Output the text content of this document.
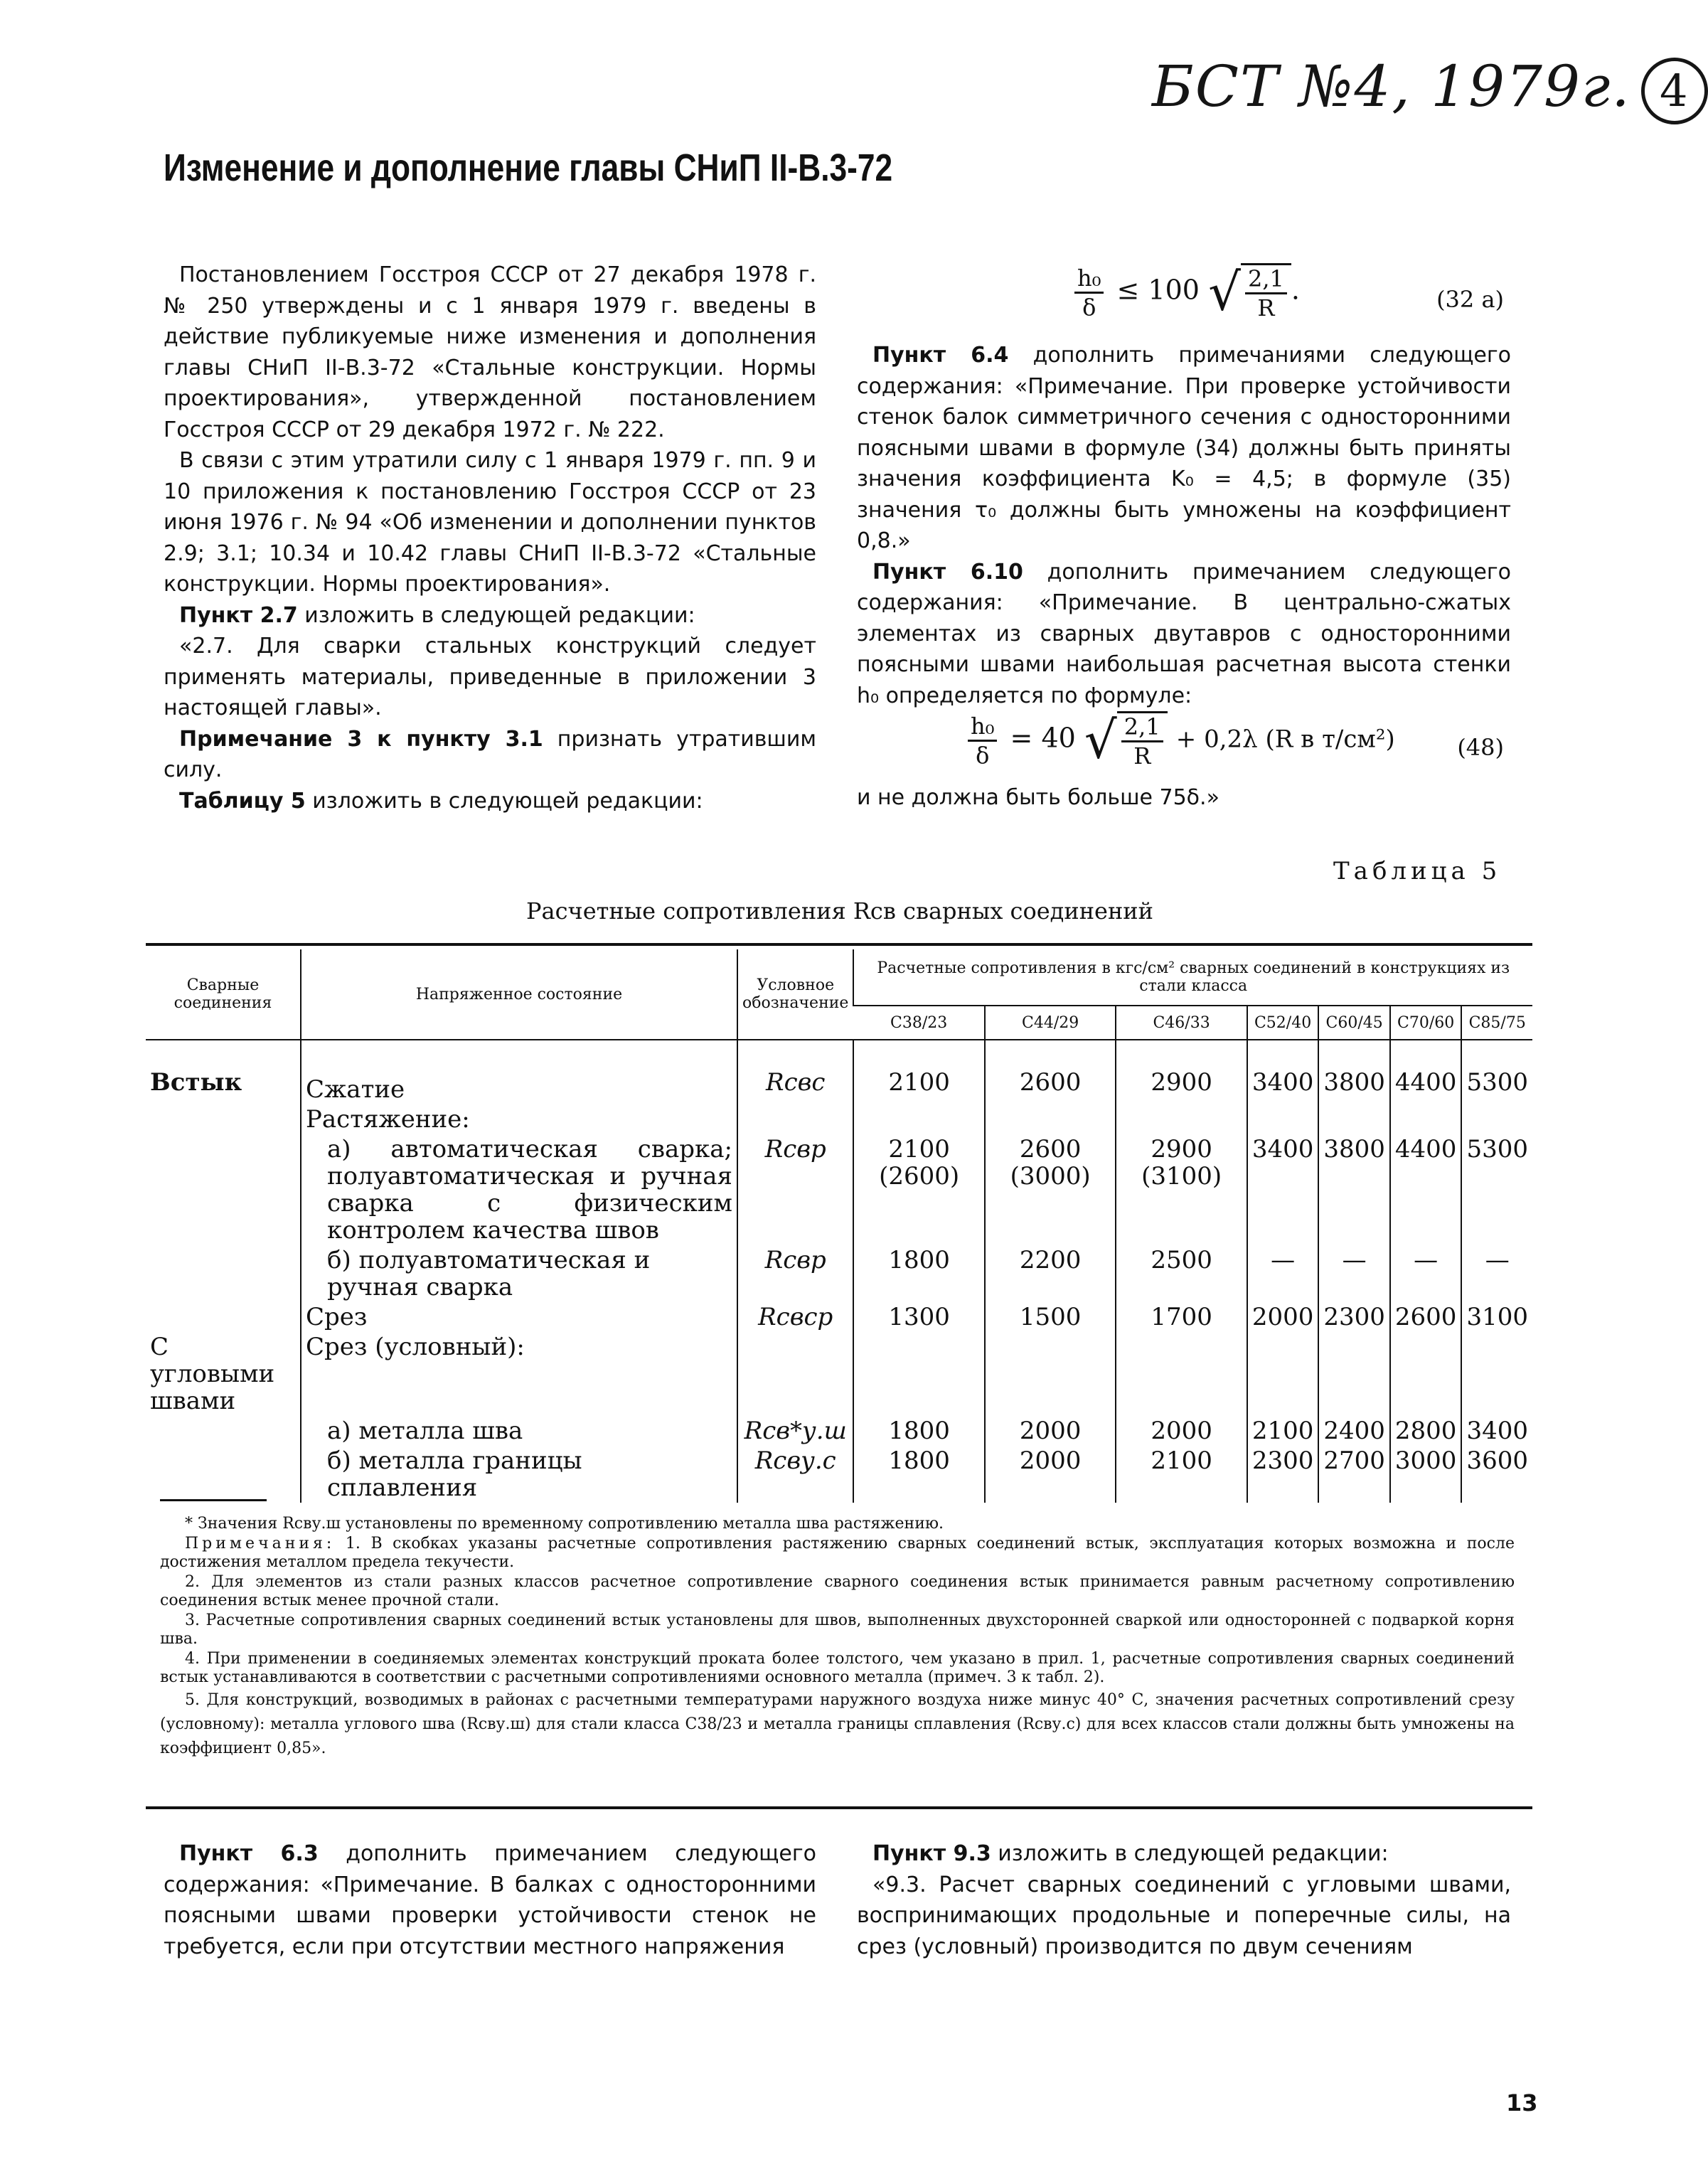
БСТ №4, 1979г. 4
Изменение и дополнение главы СНиП II-В.3-72

Постановлением Госстроя СССР от 27 декабря 1978 г. № 250 утверждены и с 1 января 1979 г. введены в действие публикуемые ниже изменения и дополнения главы СНиП II-В.3-72 «Стальные конструкции. Нормы проектирования», утвержденной постановлением Госстроя СССР от 29 декабря 1972 г. № 222.

В связи с этим утратили силу с 1 января 1979 г. пп. 9 и 10 приложения к постановлению Госстроя СССР от 23 июня 1976 г. № 94 «Об изменении и дополнении пунктов 2.9; 3.1; 10.34 и 10.42 главы СНиП II-В.3-72 «Стальные конструкции. Нормы проектирования».

Пункт 2.7 изложить в следующей редакции:

«2.7. Для сварки стальных конструкций следует применять материалы, приведенные в приложении 3 настоящей главы».

Примечание 3 к пункту 3.1 признать утратившим силу.

Таблицу 5 изложить в следующей редакции:

$\frac{\text{h₀}}{\delta} \le 100$ √ $\frac{2,1}{R}$ .	(32 а)

Пункт 6.4 дополнить примечаниями следующего содержания: «Примечание. При проверке устойчивости стенок балок симметричного сечения с односторонними поясными швами в формуле (34) должны быть приняты значения коэффициента K₀ = 4,5; в формуле (35) значения τ₀ должны быть умножены на коэффициент 0,8.»

Пункт 6.10 дополнить примечанием следующего содержания: «Примечание. В центрально-сжатых элементах из сварных двутавров с односторонними поясными швами наибольшая расчетная высота стенки h₀ определяется по формуле:

$\frac{\text{h₀}}{\delta} = 40$ √ $\frac{2,1}{R} + 0,2\lambda$ (R в т/см²)	(48)

и не должна быть больше 75δ.»

Таблица 5
Расчетные сопротивления Rсв сварных соединений
Сварные соединения	Напряженное состояние	Условное обозначение	Расчетные сопротивления в кгс/см² сварных соединений в конструкциях из стали класса						
			С38/23	С44/29	С46/33	С52/40	С60/45	С70/60	С85/75
Встык	Сжатие	Rсвс	2100	2600	2900	3400	3800	4400	5300
	Растяжение:								
	а) автоматическая сварка; полуавтоматическая и ручная сварка с физическим контролем качества швов	Rсвр	2100 (2600)	2600 (3000)	2900 (3100)	3400	3800	4400	5300
	б) полуавтоматическая и ручная сварка	Rсвр	1800	2200	2500	—	—	—	—
	Срез	Rсвср	1300	1500	1700	2000	2300	2600	3100
С угловыми швами	Срез (условный):								
	а) металла шва	Rсв*у.ш	1800	2000	2000	2100	2400	2800	3400
	б) металла границы сплавления	Rсву.с	1800	2000	2100	2300	2700	3000	3600

* Значения Rсву.ш установлены по временному сопротивлению металла шва растяжению.

Примечания: 1. В скобках указаны расчетные сопротивления растяжению сварных соединений встык, эксплуатация которых возможна и после достижения металлом предела текучести.

2. Для элементов из стали разных классов расчетное сопротивление сварного соединения встык принимается равным расчетному сопротивлению соединения встык менее прочной стали.

3. Расчетные сопротивления сварных соединений встык установлены для швов, выполненных двухсторонней сваркой или односторонней с подваркой корня шва.

4. При применении в соединяемых элементах конструкций проката более толстого, чем указано в прил. 1, расчетные сопротивления сварных соединений встык устанавливаются в соответствии с расчетными сопротивлениями основного металла (примеч. 3 к табл. 2).

5. Для конструкций, возводимых в районах с расчетными температурами наружного воздуха ниже минус 40° С, значения расчетных сопротивлений срезу (условному): металла углового шва (Rсву.ш) для стали класса С38/23 и металла границы сплавления (Rсву.с) для всех классов стали должны быть умножены на коэффициент 0,85».

Пункт 6.3 дополнить примечанием следующего содержания: «Примечание. В балках с односторонними поясными швами проверки устойчивости стенок не требуется, если при отсутствии местного напряжения

Пункт 9.3 изложить в следующей редакции:

«9.3. Расчет сварных соединений с угловыми швами, воспринимающих продольные и поперечные силы, на срез (условный) производится по двум сечениям

13
